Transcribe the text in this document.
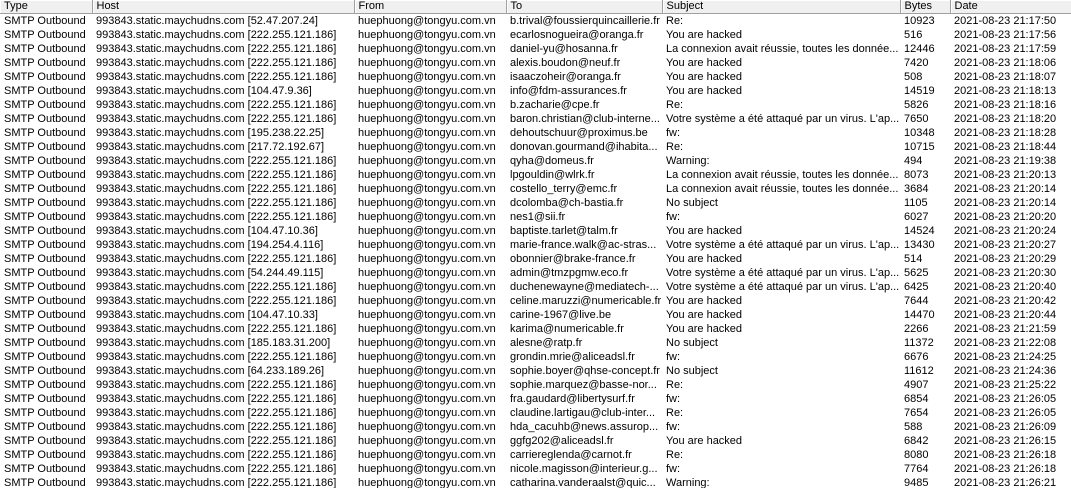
Type	Host	From	To	Subject	Bytes	Date
SMTP Outbound	993843.static.maychudns.com [52.47.207.24]	huephuong@tongyu.com.vn	b.trival@foussierquincaillerie.fr	Re:	10923	2021-08-23 21:17:50
SMTP Outbound	993843.static.maychudns.com [222.255.121.186]	huephuong@tongyu.com.vn	ecarlosnogueira@oranga.fr	You are hacked	516	2021-08-23 21:17:56
SMTP Outbound	993843.static.maychudns.com [222.255.121.186]	huephuong@tongyu.com.vn	daniel-yu@hosanna.fr	La connexion avait réussie, toutes les donnée...	12446	2021-08-23 21:17:59
SMTP Outbound	993843.static.maychudns.com [222.255.121.186]	huephuong@tongyu.com.vn	alexis.boudon@neuf.fr	You are hacked	7420	2021-08-23 21:18:06
SMTP Outbound	993843.static.maychudns.com [222.255.121.186]	huephuong@tongyu.com.vn	isaaczoheir@oranga.fr	You are hacked	508	2021-08-23 21:18:07
SMTP Outbound	993843.static.maychudns.com [104.47.9.36]	huephuong@tongyu.com.vn	info@fdm-assurances.fr	You are hacked	14519	2021-08-23 21:18:13
SMTP Outbound	993843.static.maychudns.com [222.255.121.186]	huephuong@tongyu.com.vn	b.zacharie@cpe.fr	Re:	5826	2021-08-23 21:18:16
SMTP Outbound	993843.static.maychudns.com [222.255.121.186]	huephuong@tongyu.com.vn	baron.christian@club-interne...	Votre système a été attaqué par un virus. L'ap...	7650	2021-08-23 21:18:20
SMTP Outbound	993843.static.maychudns.com [195.238.22.25]	huephuong@tongyu.com.vn	dehoutschuur@proximus.be	fw:	10348	2021-08-23 21:18:28
SMTP Outbound	993843.static.maychudns.com [217.72.192.67]	huephuong@tongyu.com.vn	donovan.gourmand@ihabita...	Re:	10715	2021-08-23 21:18:44
SMTP Outbound	993843.static.maychudns.com [222.255.121.186]	huephuong@tongyu.com.vn	qyha@domeus.fr	Warning:	494	2021-08-23 21:19:38
SMTP Outbound	993843.static.maychudns.com [222.255.121.186]	huephuong@tongyu.com.vn	lpgouldin@wlrk.fr	La connexion avait réussie, toutes les donnée...	8073	2021-08-23 21:20:13
SMTP Outbound	993843.static.maychudns.com [222.255.121.186]	huephuong@tongyu.com.vn	costello_terry@emc.fr	La connexion avait réussie, toutes les donnée...	3684	2021-08-23 21:20:14
SMTP Outbound	993843.static.maychudns.com [222.255.121.186]	huephuong@tongyu.com.vn	dcolomba@ch-bastia.fr	No subject	1105	2021-08-23 21:20:14
SMTP Outbound	993843.static.maychudns.com [222.255.121.186]	huephuong@tongyu.com.vn	nes1@sii.fr	fw:	6027	2021-08-23 21:20:20
SMTP Outbound	993843.static.maychudns.com [104.47.10.36]	huephuong@tongyu.com.vn	baptiste.tarlet@talm.fr	You are hacked	14524	2021-08-23 21:20:24
SMTP Outbound	993843.static.maychudns.com [194.254.4.116]	huephuong@tongyu.com.vn	marie-france.walk@ac-stras...	Votre système a été attaqué par un virus. L'ap...	13430	2021-08-23 21:20:27
SMTP Outbound	993843.static.maychudns.com [222.255.121.186]	huephuong@tongyu.com.vn	obonnier@brake-france.fr	You are hacked	514	2021-08-23 21:20:29
SMTP Outbound	993843.static.maychudns.com [54.244.49.115]	huephuong@tongyu.com.vn	admin@tmzpgmw.eco.fr	Votre système a été attaqué par un virus. L'ap...	5625	2021-08-23 21:20:30
SMTP Outbound	993843.static.maychudns.com [222.255.121.186]	huephuong@tongyu.com.vn	duchenewayne@mediatech-...	Votre système a été attaqué par un virus. L'ap...	6425	2021-08-23 21:20:40
SMTP Outbound	993843.static.maychudns.com [222.255.121.186]	huephuong@tongyu.com.vn	celine.maruzzi@numericable.fr	You are hacked	7644	2021-08-23 21:20:42
SMTP Outbound	993843.static.maychudns.com [104.47.10.33]	huephuong@tongyu.com.vn	carine-1967@live.be	You are hacked	14470	2021-08-23 21:20:44
SMTP Outbound	993843.static.maychudns.com [222.255.121.186]	huephuong@tongyu.com.vn	karima@numericable.fr	You are hacked	2266	2021-08-23 21:21:59
SMTP Outbound	993843.static.maychudns.com [185.183.31.200]	huephuong@tongyu.com.vn	alesne@ratp.fr	No subject	11372	2021-08-23 21:22:08
SMTP Outbound	993843.static.maychudns.com [222.255.121.186]	huephuong@tongyu.com.vn	grondin.mrie@aliceadsl.fr	fw:	6676	2021-08-23 21:24:25
SMTP Outbound	993843.static.maychudns.com [64.233.189.26]	huephuong@tongyu.com.vn	sophie.boyer@qhse-concept.fr	No subject	11612	2021-08-23 21:24:36
SMTP Outbound	993843.static.maychudns.com [222.255.121.186]	huephuong@tongyu.com.vn	sophie.marquez@basse-nor...	Re:	4907	2021-08-23 21:25:22
SMTP Outbound	993843.static.maychudns.com [222.255.121.186]	huephuong@tongyu.com.vn	fra.gaudard@libertysurf.fr	fw:	6854	2021-08-23 21:26:05
SMTP Outbound	993843.static.maychudns.com [222.255.121.186]	huephuong@tongyu.com.vn	claudine.lartigau@club-inter...	Re:	7654	2021-08-23 21:26:05
SMTP Outbound	993843.static.maychudns.com [222.255.121.186]	huephuong@tongyu.com.vn	hda_cacuhb@news.assurop...	fw:	588	2021-08-23 21:26:09
SMTP Outbound	993843.static.maychudns.com [222.255.121.186]	huephuong@tongyu.com.vn	ggfg202@aliceadsl.fr	You are hacked	6842	2021-08-23 21:26:15
SMTP Outbound	993843.static.maychudns.com [222.255.121.186]	huephuong@tongyu.com.vn	carriereglenda@carnot.fr	Re:	8080	2021-08-23 21:26:18
SMTP Outbound	993843.static.maychudns.com [222.255.121.186]	huephuong@tongyu.com.vn	nicole.magisson@interieur.g...	fw:	7764	2021-08-23 21:26:18
SMTP Outbound	993843.static.maychudns.com [222.255.121.186]	huephuong@tongyu.com.vn	catharina.vanderaalst@quic...	Warning:	9485	2021-08-23 21:26:21
